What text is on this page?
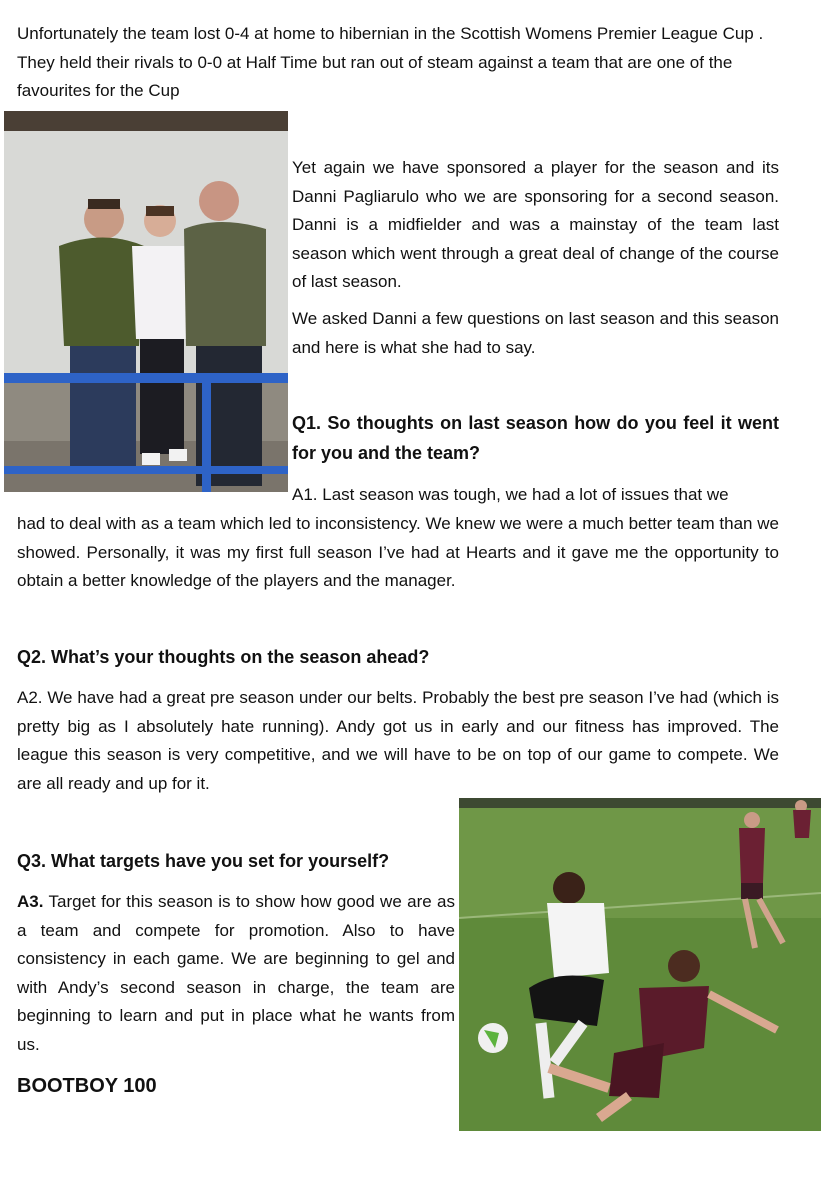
Unfortunately the team lost 0-4 at home to hibernian in the Scottish Womens Premier League Cup . They held their rivals to 0-0 at Half Time but ran out of steam against a team that are one of the favourites for the Cup
Yet again we have sponsored a player for the season and its Danni Pagliarulo who we are sponsoring for a second season. Danni is a midfielder and was a mainstay of the team last season which went through a great deal of change of the course of last season.
We asked Danni a few questions on last season and this season and here is what she had to say.
Q1. So thoughts on last season how do you feel it went for you and the team?
A1. Last season was tough, we had a lot of issues that we
had to deal with as a team which led to inconsistency. We knew we were a much better team than we showed. Personally, it was my first full season I’ve had at Hearts and it gave me the opportunity to obtain a better knowledge of the players and the manager.
Q2. What’s your thoughts on the season ahead?
A2. We have had a great pre season under our belts. Probably the best pre season I’ve had (which is pretty big as I absolutely hate running). Andy got us in early and our fitness has improved. The league this season is very competitive, and we will have to be on top of our game to compete. We are all ready and up for it.
Q3. What targets have you set for yourself?
A3. Target for this season is to show how good we are as a team and compete for promotion. Also to have consistency in each game. We are beginning to gel and with Andy’s second season in charge, the team are beginning to learn and put in place what he wants from us.
BOOTBOY 100
